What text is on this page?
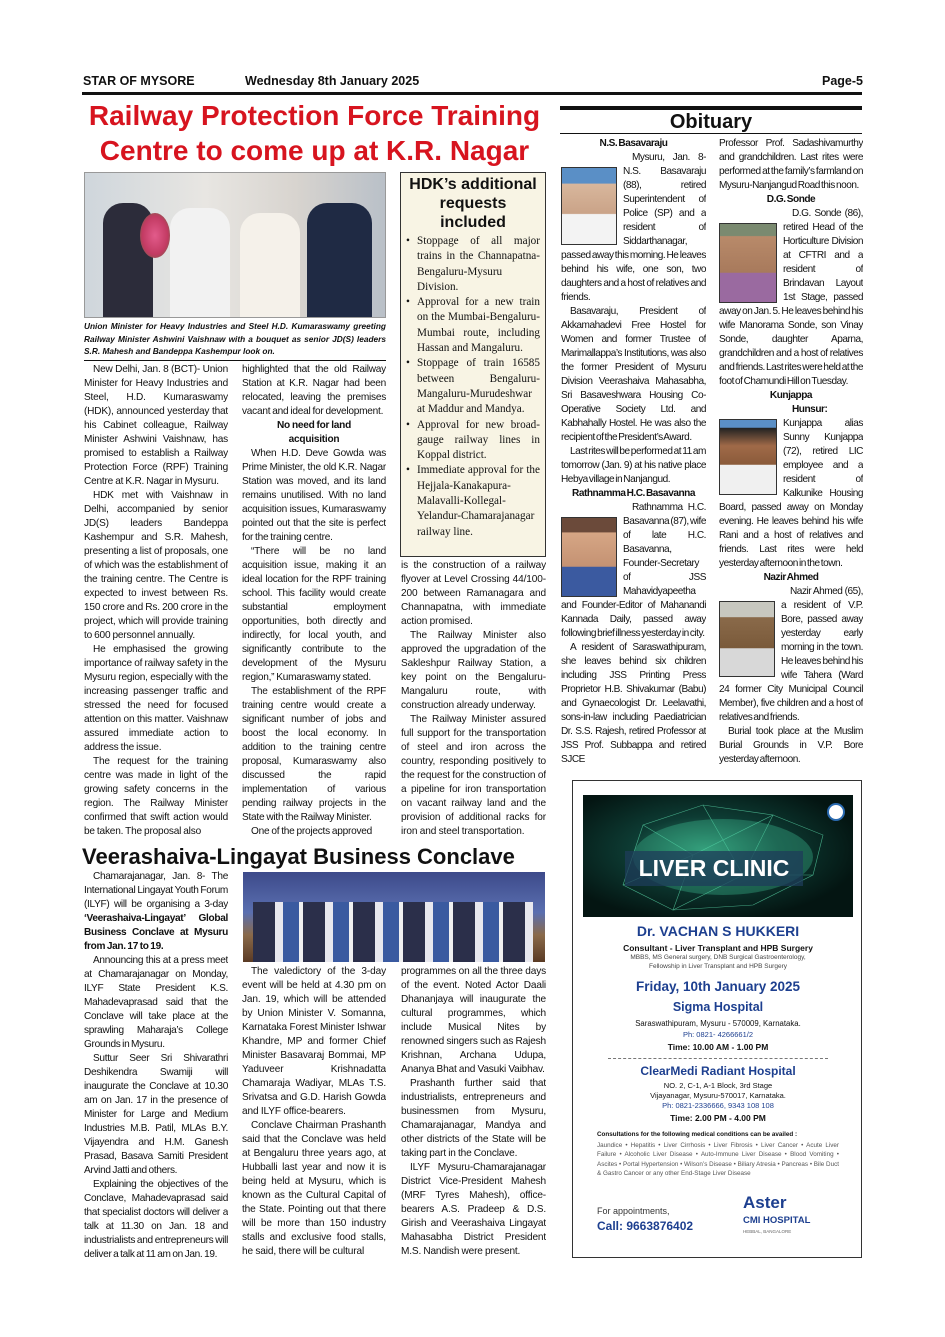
STAR OF MYSORE	Wednesday 8th January 2025	Page-5
Railway Protection Force Training
Centre to come up at K.R. Nagar
Union Minister for Heavy Industries and Steel H.D. Kumaraswamy greeting Railway Minister Ashwini Vaishnaw with a bouquet as senior JD(S) leaders S.R. Mahesh and Bandeppa Kashempur look on.

New Delhi, Jan. 8 (BCT)- Union Minister for Heavy Industries and Steel, H.D. Kumaraswamy (HDK), announced yesterday that his Cabinet colleague, Railway Minister Ashwini Vaishnaw, has promised to establish a Railway Protection Force (RPF) Training Centre at K.R. Nagar in Mysuru.

HDK met with Vaishnaw in Delhi, accompanied by senior JD(S) leaders Bandeppa Kashempur and S.R. Mahesh, presenting a list of proposals, one of which was the establishment of the training centre. The Centre is expected to invest between Rs. 150 crore and Rs. 200 crore in the project, which will provide training to 600 personnel annually.

He emphasised the growing importance of railway safety in the Mysuru region, especially with the increasing passenger traffic and stressed the need for focused attention on this matter. Vaishnaw assured immediate action to address the issue.

The request for the training centre was made in light of the growing safety concerns in the region. The Railway Minister confirmed that swift action would be taken. The proposal also

highlighted that the old Railway Station at K.R. Nagar had been relocated, leaving the premises vacant and ideal for development.

No need for land acquisition

When H.D. Deve Gowda was Prime Minister, the old K.R. Nagar Station was moved, and its land remains unutilised. With no land acquisition issues, Kumaraswamy pointed out that the site is perfect for the training centre.

“There will be no land acquisition issue, making it an ideal location for the RPF training school. This facility would create substantial employment opportunities, both directly and indirectly, for local youth, and significantly contribute to the development of the Mysuru region,” Kumaraswamy stated.

The establishment of the RPF training centre would create a significant number of jobs and boost the local economy. In addition to the training centre proposal, Kumaraswamy also discussed the rapid implementation of various pending railway projects in the State with the Railway Minister.

One of the projects approved

HDK’s additional requests included
• Stoppage of all major trains in the Channapatna-Bengaluru-Mysuru Division.
• Approval for a new train on the Mumbai-Bengaluru-Mumbai route, including Hassan and Mangaluru.
• Stoppage of train 16585 between Bengaluru-Mangaluru-Murudeshwar at Maddur and Mandya.
• Approval for new broad-gauge railway lines in Koppal district.
• Immediate approval for the Hejjala-Kanakapura-Malavalli-Kollegal-Yelandur-Chamarajanagar railway line.

is the construction of a railway flyover at Level Crossing 44/100-200 between Ramanagara and Channapatna, with immediate action promised.

The Railway Minister also approved the upgradation of the Sakleshpur Railway Station, a key point on the Bengaluru-Mangaluru route, with construction already underway.

The Railway Minister assured full support for the transportation of steel and iron across the country, responding positively to the request for the construction of a pipeline for iron transportation on vacant railway land and the provision of additional racks for iron and steel transportation.

Obituary

N.S. Basavaraju

Mysuru, Jan. 8- N.S. Basavaraju (88), retired Superintendent of Police (SP) and a resident of Siddarthanagar, passed away this morning. He leaves behind his wife, one son, two daughters and a host of relatives and friends.

Basavaraju, President of Akkamahadevi Free Hostel for Women and former Trustee of Marimallappa’s Institutions, was also the former President of Mysuru Division Veerashaiva Mahasabha, Sri Basaveshwara Housing Co-Operative Society Ltd. and Kabhahally Hostel. He was also the recipient of the President’s Award.

Last rites will be performed at 11 am tomorrow (Jan. 9) at his native place Hebya village in Nanjangud.

Rathnamma H.C. Basavanna

Rathnamma H.C. Basavanna (87), wife of late H.C. Basavanna, Founder-Secretary of JSS Mahavidyapeetha and Founder-Editor of Mahanandi Kannada Daily, passed away following brief illness yesterday in city.

A resident of Saraswathipuram, she leaves behind six children including JSS Printing Press Proprietor H.B. Shivakumar (Babu) and Gynaecologist Dr. Leelavathi, sons-in-law including Paediatrician Dr. S.S. Rajesh, retired Professor at JSS Prof. Subbappa and retired SJCE

Professor Prof. Sadashivamurthy and grandchildren. Last rites were performed at the family’s farmland on Mysuru-Nanjangud Road this noon.

D.G. Sonde

D.G. Sonde (86), retired Head of the Horticulture Division at CFTRI and a resident of Brindavan Layout 1st Stage, passed away on Jan. 5. He leaves behind his wife Manorama Sonde, son Vinay Sonde, daughter Aparna, grandchildren and a host of relatives and friends. Last rites were held at the foot of Chamundi Hill on Tuesday.

Kunjappa

Hunsur: Kunjappa alias Sunny Kunjappa (72), retired LIC employee and a resident of Kalkunike Housing Board, passed away on Monday evening. He leaves behind his wife Rani and a host of relatives and friends. Last rites were held yesterday afternoon in the town.

Nazir Ahmed

Nazir Ahmed (65), a resident of V.P. Bore, passed away yesterday early morning in the town. He leaves behind his wife Tahera (Ward 24 former City Municipal Council Member), five children and a host of relatives and friends.

Burial took place at the Muslim Burial Grounds in V.P. Bore yesterday afternoon.

LIVER CLINIC
Dr. VACHAN S HUKKERI
Consultant - Liver Transplant and HPB Surgery
MBBS, MS General surgery, DNB Surgical Gastroenterology,
Fellowship in Liver Transplant and HPB Surgery
Friday, 10th January 2025
Sigma Hospital
Saraswathipuram, Mysuru - 570009, Karnataka.
Ph: 0821- 4266661/2
Time: 10.00 AM - 1.00 PM
ClearMedi Radiant Hospital
NO. 2, C-1, A-1 Block, 3rd Stage
Vijayanagar, Mysuru-570017, Karnataka.
Ph: 0821-2336666, 9343 108 108
Time: 2.00 PM - 4.00 PM
Consultations for the following medical conditions can be availed :
Jaundice • Hepatitis • Liver Cirrhosis • Liver Fibrosis • Liver Cancer • Acute Liver Failure • Alcoholic Liver Disease • Auto-Immune Liver Disease • Blood Vomiting • Ascites • Portal Hypertension • Wilson’s Disease • Biliary Atresia • Pancreas • Bile Duct & Gastro Cancer or any other End-Stage Liver Disease
For appointments,
Call: 9663876402
Aster
CMI HOSPITAL
HEBBAL, BANGALORE
Veerashaiva-Lingayat Business Conclave

Chamarajanagar, Jan. 8- The International Lingayat Youth Forum (ILYF) will be organising a 3-day ‘Veerashaiva-Lingayat’ Global Business Conclave at Mysuru from Jan. 17 to 19.

Announcing this at a press meet at Chamarajanagar on Monday, ILYF State President K.S. Mahadevaprasad said that the Conclave will take place at the sprawling Maharaja’s College Grounds in Mysuru.

Suttur Seer Sri Shivarathri Deshikendra Swamiji will inaugurate the Conclave at 10.30 am on Jan. 17 in the presence of Minister for Large and Medium Industries M.B. Patil, MLAs B.Y. Vijayendra and H.M. Ganesh Prasad, Basava Samiti President Arvind Jatti and others.

Explaining the objectives of the Conclave, Mahadevaprasad said that specialist doctors will deliver a talk at 11.30 on Jan. 18 and industrialists and entrepreneurs will deliver a talk at 11 am on Jan. 19.

The valedictory of the 3-day event will be held at 4.30 pm on Jan. 19, which will be attended by Union Minister V. Somanna, Karnataka Forest Minister Ishwar Khandre, MP and former Chief Minister Basavaraj Bommai, MP Yaduveer Krishnadatta Chamaraja Wadiyar, MLAs T.S. Srivatsa and G.D. Harish Gowda and ILYF office-bearers.

Conclave Chairman Prashanth said that the Conclave was held at Bengaluru three years ago, at Hubballi last year and now it is being held at Mysuru, which is known as the Cultural Capital of the State. Pointing out that there will be more than 150 industry stalls and exclusive food stalls, he said, there will be cultural

programmes on all the three days of the event. Noted Actor Daali Dhananjaya will inaugurate the cultural programmes, which include Musical Nites by renowned singers such as Rajesh Krishnan, Archana Udupa, Ananya Bhat and Vasuki Vaibhav.

Prashanth further said that industrialists, entrepreneurs and businessmen from Mysuru, Chamarajanagar, Mandya and other districts of the State will be taking part in the Conclave.

ILYF Mysuru-Chamarajanagar District Vice-President Mahesh (MRF Tyres Mahesh), office-bearers A.S. Pradeep & D.S. Girish and Veerashaiva Lingayat Mahasabha District President M.S. Nandish were present.
